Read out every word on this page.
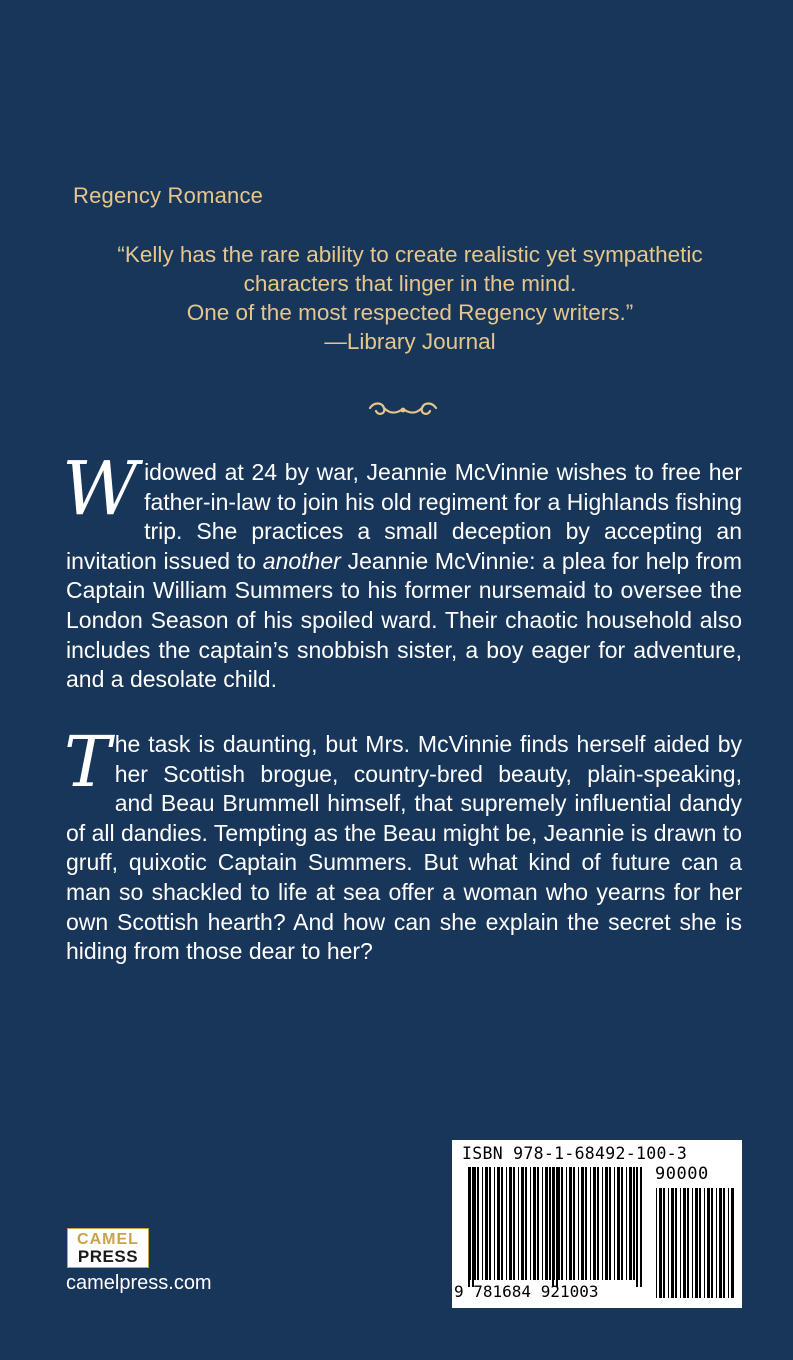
Regency Romance
“Kelly has the rare ability to create realistic yet sympathetic
characters that linger in the mind.
One of the most respected Regency writers.”
—Library Journal
Widowed at 24 by war, Jeannie McVinnie wishes to free her father-in-law to join his old regiment for a Highlands fishing trip. She practices a small deception by accepting an invitation issued to another Jeannie McVinnie: a plea for help from Captain William Summers to his former nursemaid to oversee the London Season of his spoiled ward. Their chaotic household also includes the captain’s snobbish sister, a boy eager for adventure, and a desolate child.
The task is daunting, but Mrs. McVinnie finds herself aided by her Scottish brogue, country-bred beauty, plain-speaking, and Beau Brummell himself, that supremely influential dandy of all dandies. Tempting as the Beau might be, Jeannie is drawn to gruff, quixotic Captain Summers. But what kind of future can a man so shackled to life at sea offer a woman who yearns for her own Scottish hearth? And how can she explain the secret she is hiding from those dear to her?
CAMEL
PRESS
camelpress.com
ISBN 978-1-68492-100-3
90000
9 781684 921003
